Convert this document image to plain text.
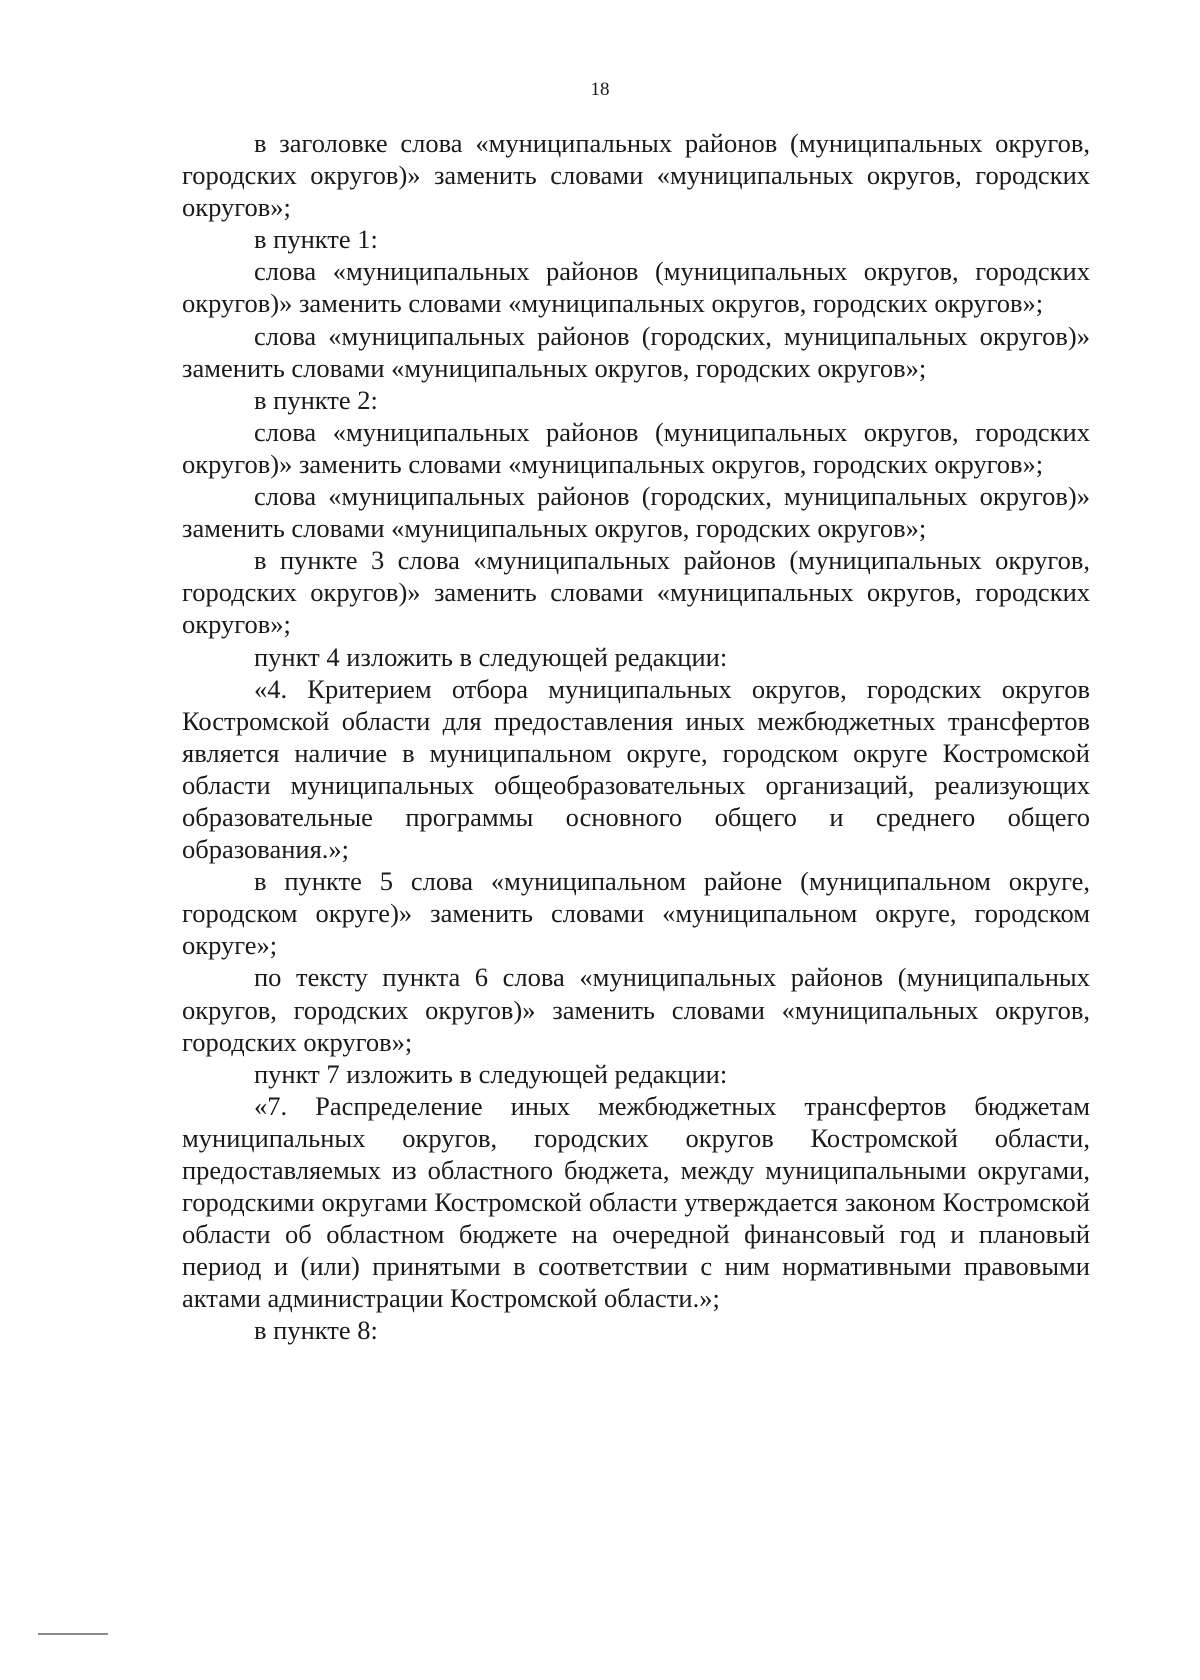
18

в заголовке слова «муниципальных районов (муниципальных округов, городских округов)» заменить словами «муниципальных округов, городских округов»;

в пункте 1:

слова «муниципальных районов (муниципальных округов, городских округов)» заменить словами «муниципальных округов, городских округов»;

слова «муниципальных районов (городских, муниципальных округов)» заменить словами «муниципальных округов, городских округов»;

в пункте 2:

слова «муниципальных районов (муниципальных округов, городских округов)» заменить словами «муниципальных округов, городских округов»;

слова «муниципальных районов (городских, муниципальных округов)» заменить словами «муниципальных округов, городских округов»;

в пункте 3 слова «муниципальных районов (муниципальных округов, городских округов)» заменить словами «муниципальных округов, городских округов»;

пункт 4 изложить в следующей редакции:

«4. Критерием отбора муниципальных округов, городских округов Костромской области для предоставления иных межбюджетных трансфертов является наличие в муниципальном округе, городском округе Костромской области муниципальных общеобразовательных организаций, реализующих образовательные программы основного общего и среднего общего образования.»;

в пункте 5 слова «муниципальном районе (муниципальном округе, городском округе)» заменить словами «муниципальном округе, городском округе»;

по тексту пункта 6 слова «муниципальных районов (муниципальных округов, городских округов)» заменить словами «муниципальных округов, городских округов»;

пункт 7 изложить в следующей редакции:

«7. Распределение иных межбюджетных трансфертов бюджетам муниципальных округов, городских округов Костромской области, предоставляемых из областного бюджета, между муниципальными округами, городскими округами Костромской области утверждается законом Костромской области об областном бюджете на очередной финансовый год и плановый период и (или) принятыми в соответствии с ним нормативными правовыми актами администрации Костромской области.»;

в пункте 8:
